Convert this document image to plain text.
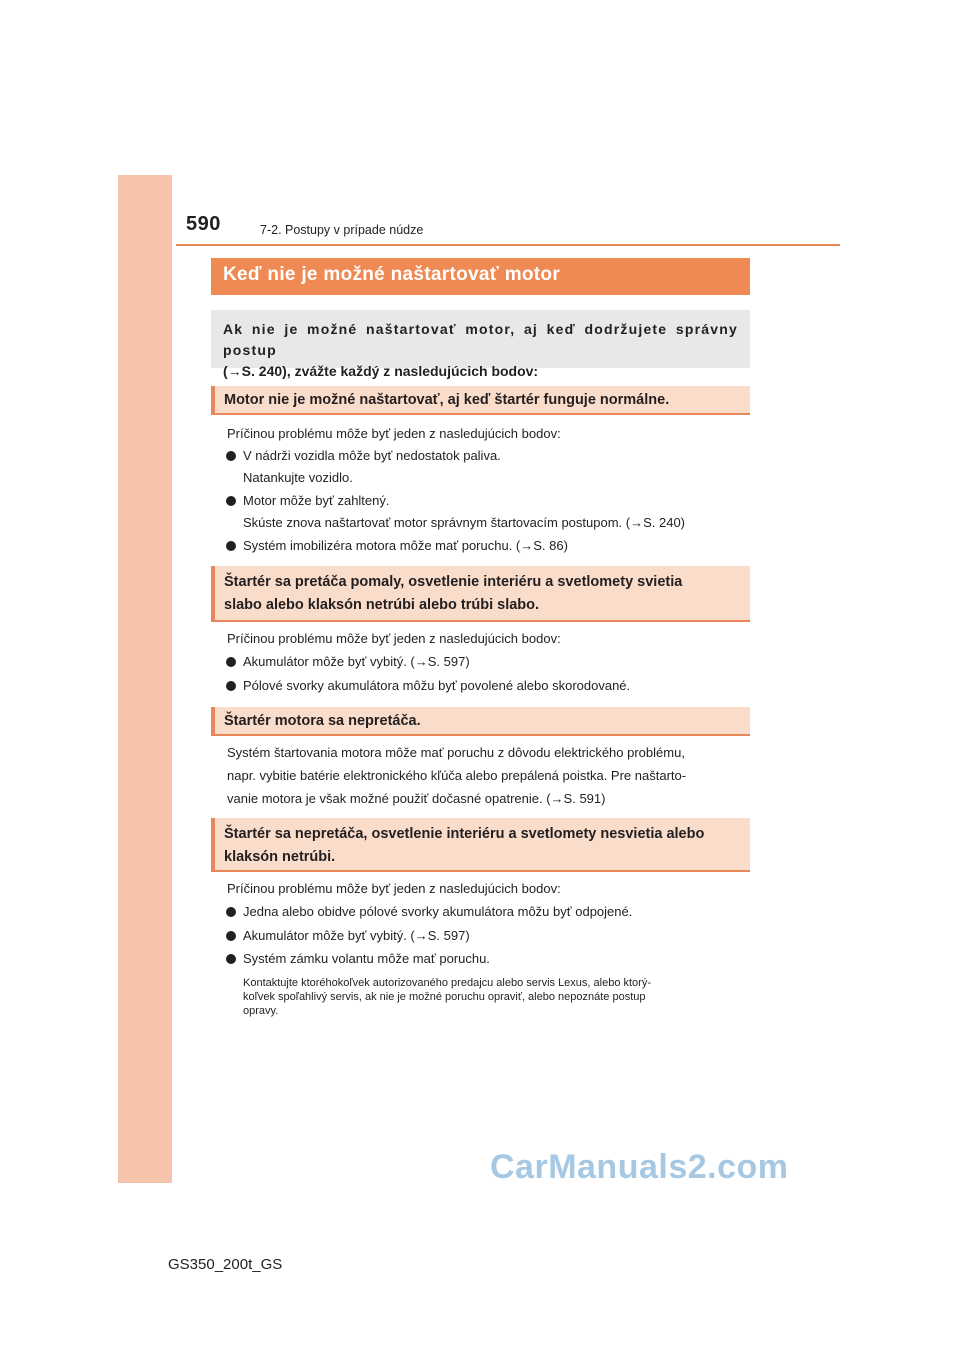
590	7-2. Postupy v prípade núdze
Keď nie je možné naštartovať motor
Ak nie je možné naštartovať motor, aj keď dodržujete správny postup
(→S. 240), zvážte každý z nasledujúcich bodov:
Motor nie je možné naštartovať, aj keď štartér funguje normálne.
Príčinou problému môže byť jeden z nasledujúcich bodov:
V nádrži vozidla môže byť nedostatok paliva.
Natankujte vozidlo.
Motor môže byť zahltený.
Skúste znova naštartovať motor správnym štartovacím postupom. (→S. 240)
Systém imobilizéra motora môže mať poruchu. (→S. 86)
Štartér sa pretáča pomaly, osvetlenie interiéru a svetlomety svietia
slabo alebo klaksón netrúbi alebo trúbi slabo.
Príčinou problému môže byť jeden z nasledujúcich bodov:
Akumulátor môže byť vybitý. (→S. 597)
Pólové svorky akumulátora môžu byť povolené alebo skorodované.
Štartér motora sa nepretáča.
Systém štartovania motora môže mať poruchu z dôvodu elektrického problému,
napr. vybitie batérie elektronického kľúča alebo prepálená poistka. Pre naštarto-
vanie motora je však možné použiť dočasné opatrenie. (→S. 591)
Štartér sa nepretáča, osvetlenie interiéru a svetlomety nesvietia alebo
klaksón netrúbi.
Príčinou problému môže byť jeden z nasledujúcich bodov:
Jedna alebo obidve pólové svorky akumulátora môžu byť odpojené.
Akumulátor môže byť vybitý. (→S. 597)
Systém zámku volantu môže mať poruchu.
Kontaktujte ktoréhokoľvek autorizovaného predajcu alebo servis Lexus, alebo ktorý-
koľvek spoľahlivý servis, ak nie je možné poruchu opraviť, alebo nepoznáte postup
opravy.
CarManuals2.com
GS350_200t_GS
